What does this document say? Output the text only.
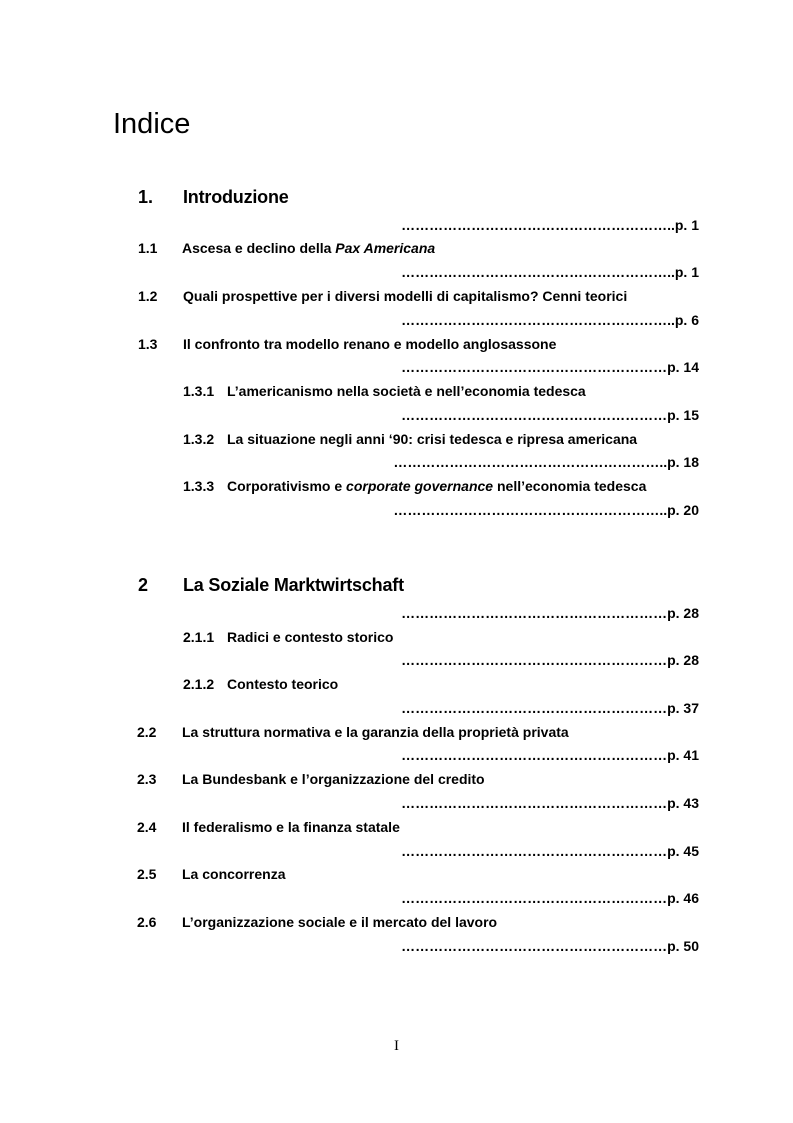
Indice
1. Introduzione
…………………………………………………..p. 1
1.1 Ascesa e declino della Pax Americana
…………………………………………………..p. 1
1.2 Quali prospettive per i diversi modelli di capitalismo? Cenni teorici
…………………………………………………..p. 6
1.3 Il confronto tra modello renano e modello anglosassone
…………………………………………………p. 14
1.3.1 L’americanismo nella società e nell’economia tedesca
…………………………………………………p. 15
1.3.2 La situazione negli anni ‘90: crisi tedesca e ripresa americana
…………………………………………………..p. 18
1.3.3 Corporativismo e corporate governance nell’economia tedesca
…………………………………………………..p. 20
2 La Soziale Marktwirtschaft
…………………………………………………p. 28
2.1.1 Radici e contesto storico
…………………………………………………p. 28
2.1.2 Contesto teorico
…………………………………………………p. 37
2.2 La struttura normativa e la garanzia della proprietà privata
…………………………………………………p. 41
2.3 La Bundesbank e l’organizzazione del credito
…………………………………………………p. 43
2.4 Il federalismo e la finanza statale
…………………………………………………p. 45
2.5 La concorrenza
…………………………………………………p. 46
2.6 L’organizzazione sociale e il mercato del lavoro
…………………………………………………p. 50
I
